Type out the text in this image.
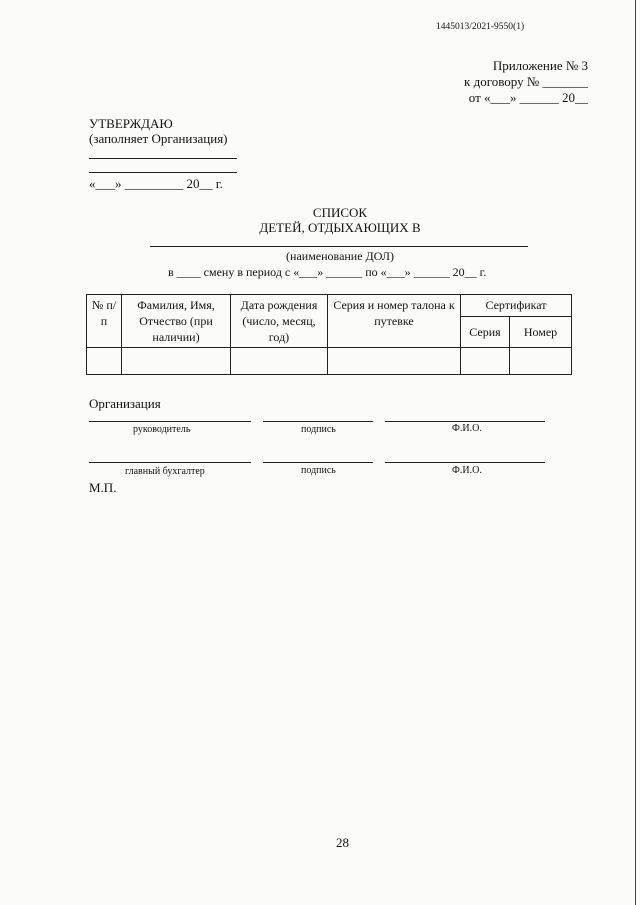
1445013/2021-9550(1)
Приложение № 3
к договору № _______
от «___» ______ 20__
УТВЕРЖДАЮ
(заполняет Организация)
«___» _________ 20__ г.
СПИСОК
ДЕТЕЙ, ОТДЫХАЮЩИХ В
(наименование ДОЛ)
в ____ смену в период с «___» ______ по «___» ______ 20__ г.
№ п/п	Фамилия, Имя, Отчество (при наличии)	Дата рождения (число, месяц, год)	Серия и номер талона к путевке	Сертификат	
				Серия	Номер

Организация
руководитель	подпись	Ф.И.О.
главный бухгалтер	подпись	Ф.И.О.
М.П.
28
